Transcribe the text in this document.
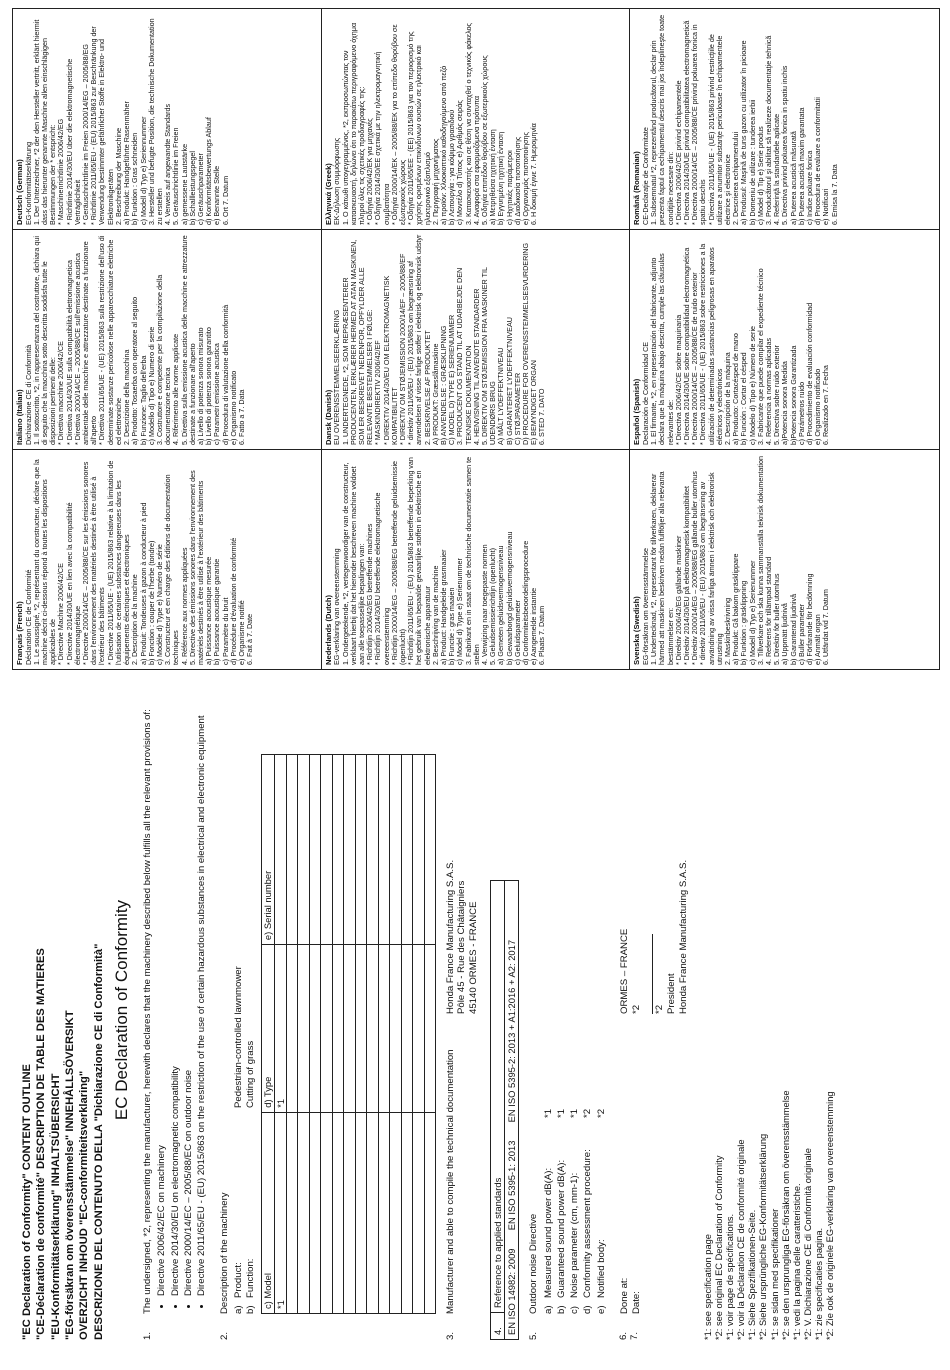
"EC Declaration of Conformity" CONTENT OUTLINE "CE-Déclaration de conformité" DESCRIPTION DE TABLE DES MATIERES "EU-Konformitätserklärung" INHALTSÜBERSICHT "EG-försäkran om överensstämmelse" INNEHÅLLSÖVERSIKT OVERZICHT INHOUD "EC-conformiteitsverklaring" DESCRIZIONE DEL CONTENUTO DELLA "Dichiarazione CE di Conformità" EC Declaration of Conformity
1.
The undersigned, *2, representing the manufacturer, herewith declares that the machinery described below fulfills all the relevant provisions of: • Directive 2006/42/EC on machinery • Directive 2014/30/EU on electromagnetic compatibility • Directive 2000/14/EC – 2005/88/EC on outdoor noise • Directive 2011/65/EU - (EU) 2015/863 on the restriction of the use of certain hazardous substances in electrical and electronic equipment
2.
Description of the machinery a)
Product:
Pedestrian-controlled lawnmower
b)
Function:
Cutting of grass
c) Model	d) Type	e) Serial number
*1	*1	

3.
Manufacturer and able to compile the technical documentation
Honda France Manufacturing S.A.S. Pôle 45 - Rue des Châtaigniers 45140 ORMES - FRANCE
4.	Reference to applied standards
EN ISO 14982: 2009       EN ISO 5395-1: 2013       EN ISO 5395-2: 2013 + A1:2016 + A2: 2017
5.
Outdoor noise Directive a)
Measured sound power dB(A):
*1
b)
Guaranteed sound power dB(A):
*1
c)
Noise parameter (cm, mm-1):
*1
d)
Conformity assessment procedure:
*2
e)
Notified body:
*2
6. 7.
Done at: Date:
ORMES – FRANCE *2 *2 President Honda France Manufacturing S.A.S.
*1: see specification page *2: see original EC Declaration of Conformity *1: voir page de spécifications. *2: voir la Déclaration CE de conformité originale *1: Siehe Spezifikationen-Seite. *2: Siehe ursprüngliche EG-Konformitätserklärung *1: se sidan med specifikationer *2: se den ursprungliga EG-försäkran om överensstämmelse *1: vedi la pagina delle caratteristiche. *2: V. Dichiarazione CE di Conformità originale *1: zie specificaties pagina. *2: Zie ook de originele EG-verklaring van overeenstemming
Français (French) Déclaration CE de Conformité 1. Le soussigné, *2, représentant du constructeur, déclare que la machine décrit ci-dessous répond à toutes les dispositions applicables de * Directive Machine 2006/42/CE * Directive 2014/30/UE en lien avec la compatibilité électromagnétique * Directive 2000/14/CE – 2005/88/CE sur les émissions sonores dans l'environnement des matériels destinés à être utilisé à l'extérieur des bâtiments * Directive 2011/65/UE - (UE) 2015/863 relative à la limitation de l'utilisation de certaines substances dangereuses dans les équipements électriques et électroniques 2. Description de la machine a) Produit: Tondeuses à gazon à conducteur à pied b) Fonction : couper de l'herbe (tondre) c) Modèle d) Type e) Numéro de série 3. Constructeur et en charge des éditions de documentation techniques 4. Référence aux normes appliquées 5. Directive des émissions sonores dans l'environnement des matériels destinés à être utilisé à l'extérieur des bâtiments a) Puissance acoustique mesurée b) Puissance acoustique garantie c) Paramètre du bruit d) Procédure d'évaluation de conformité e) Organisme notifié 6. Fait à 7. Date
Italiano (Italian) Dichiarazione CE di Conformità 1. Il sottoscritto, *2, in rappresentanza del costruttore, dichiara qui di seguito che la macchina sotto descritta soddisfa tutte le disposizioni pertinenti delle: * Direttiva macchine 2006/42/CE * Direttiva 2014/30/UE sulla compatibilità elettromagnetica * Direttiva 2000/14/CE – 2005/88/CE sull'emissione acustica ambientale delle macchine e attrezzature destinate a funzionare all'aperto * Direttiva 2011/65/UE - (UE) 2015/863 sulla restrizione dell'uso di determinate sostanze pericolose nelle apparecchiature elettriche ed elettroniche 2. Descrizione della macchina a) Prodotto: Tosaerba con operatore al seguito b) Funzione: Taglio dell'erba c) Modello d) Tipo e) Numero di serie 3. Costruttore e competente per la compilazione della documentazione tecnica 4. Riferimento alle norme applicate 5. Direttiva sulla emissione acustica delle macchine e attrezzature destinate a funzionare all'aperto a) Livello di potenza sonora misurato b) Livello di potenza sonora garantito c) Parametri emissione acustica d) Procedura di valutazione della conformità e) Organismo notificato 6. Fatto a 7. Data
Deutsch (German) EG-Konformitätserklärung 1. Der Unterzeichner, *2 der den Hersteller vertritt, erklärt hiermit dass das hierunter genannte Maschine allen einschlägigen Bestimmungen der * entspricht: * Maschinenrichtlinie 2006/42/EG * Richtlinie 2014/30/EU über die elektromagnetische Verträglichkeit * Geräuschrichtlinie im Freien 2000/14/EG – 2005/88/EG * Richtlinie 2011/65/EU - (EU) 2015/863 zur Beschränkung der Verwendung bestimmter gefährlicher Stoffe in Elektro- und Elektronikgeräten 2. Beschreibung der Maschine a) Produkt: Handgeführte Rasenmäher b) Funktion : Gras schneiden c) Modell d) Typ e) Seriennummer 3. Hersteller und befugte Position, die technische Dokumentation zu erstellen 4. Verweis auf angewandte Standards 5. Geräuschrichtlinie im Freien a) gemessene Lautstärke b) Schallleistungspegel c) Geräuschparameter d) Konformitätsbewertungs Ablauf e) Benannte Stelle 6. Ort 7. Datum
Nederlands (Dutch) EG-verklaring van overeenstemming 1. Ondergetekende, *2, vertegenwoordiger van de constructeur, verklaart hierbij dat het hieronder beschreven machine voldoet aan alle toepasselijke bepalingen van: * Richtlijn 2006/42/EG betreffende machines * Richtlijn 2014/30/EU betreffende elektromagnetische overeenstemming * Richtlijn 2000/14/EG – 2005/88/EG betreffende geluidsemissie (openlucht) * Richtlijn 2011/65/EU - (EU) 2015/863 betreffende beperking van het gebruik van bepaalde gevaarlijke stoffen in elektrische en elektronische apparatuur 2. Beschrijving van de machine a) Product: Handgeleide grasmaaier b) Functie : gras maaien c) Model d) Type e) Serienummer 3. Fabrikant en in staat om de technische documentatie samen te stellen 4. Verwijzing naar toegepaste normen 5. Geluidsemissierichtlijn (openlucht) a) Gemeten geluidsvermogensniveau b) Gewaarborgd geluidsvermogensniveau c) Geluidsparameter d) Conformiteitsbeoordelingsprocedure e) Aangemelde instantie 6. Plaats 7. Datum
Dansk (Danish) EU OVERENSSTEMMELSEERKLÆRING 1. UNDERTEGNEDE, *2, SOM REPRÆSENTERER PRODUCENTEN, ERKLÆRER HERMED AT ATAN MASKINEN, SOM ER BESKREVET NEDENFOR, OPFYLDER ALLE RELEVANTE BESTEMMELSER I FØLGE: * MASKINDIREKTIV 2006/42/EF * DIREKTIV 2014/30/EU OM ELEKTROMAGNETISK KOMPATIBILITET * DIREKTIV OM STØJEMISSION 2000/14/EF – 2005/88/EF * direktiv 2011/65/EU - (EU) 2015/863 om begrænsning af anvendelsen af visse farlige stoffer i elektrisk og elektronisk udstyr 2. BESKRIVELSE AF PRODUKTET A) PRODUKT: Græsslåmaskine B) ANVENDELSE : GRÆSKLIPNING C) MODEL D) TYPE E) SERIENUMMER 3. PRODUCENT OG STAND TIL AT UDARBEJDE DEN TEKNISKE DOKUMENTATION 4. HENVISNING TIL ANVENDTE STANDARDER 5. DIREKTIV OM STØJEMISSION FRA MASKINER TIL UDENDØRS BRUG A) MÅLT LYDEFFEKTNIVEAU B) GARANTERET LYDEFFEKTNIVEAU C) STØJPARAMETER D) PROCEDURE FOR OVERENSSTEMMELSESVURDERING E) BEMYNDIGET ORGAN 6. STED 7. DATO
Ελληνικά (Greek) ΕΚ-Δήλωση συμμόρφωσης 1. Ο κάτωθι υπογεγραμμένος, *2, εκπροσωπώντας τον κατασκευαστή, δηλώνει ότι το παρακάτω περιγραφόμενο όχημα πληροί όλες τις σχετικές προδιαγραφές της: * Οδηγία 2006/42/ΕΚ για μηχανές * Οδηγία 2014/30/ΕΕ σχετικά με την ηλεκτρομαγνητική συμβατότητα * Οδηγία 2000/14/ΕΚ – 2005/88/ΕΚ για το επίπεδο θορύβου σε εξωτερικούς χώρους * Οδηγία 2011/65/ΕΕ - (ΕΕ) 2015/863 για τον περιορισμό της χρήσης ορισμένων επικίνδυνων ουσιών σε ηλεκτρικό και ηλεκτρονικό εξοπλισμό 2. Περιγραφή μηχανήματος a) προϊόν: Χλοοκοπτικό καθοδηγούμενο από πεζό b) Λειτουργία : για κόψιμο γρασιδιού c) Μοντέλο d) Τύπος e) Αριθμός σειράς 3. Κατασκευαστής και σε θέση να συνταχθεί ο τεχνικός φάκελος 4. Αναφορά στα εφαρμοζόμενα πρότυπα 5. Οδηγία επιπέδου θορύβου σε εξωτερικούς χώρους a) Μετρηθείσα ηχητική ένταση b) Εγγυημένη ηχητική ένταση c) Ηχητικές παράμετροι d) Διαδικασία πιστοποίησης e) Οργανισμός πιστοποίησης 6. Η δοκιμή έγινε 7. Ημερομηνία
Svenska (Swedish) EG-försäkran om överensstämmelse 1. Undertecknad, *2, representant för tillverkaren, deklarerar härmed att maskinen beskriven nedan fulfföljer alla relevanta bestämmelser en: * Direktiv 2006/42/EG gällande maskiner * Direktiv 2014/30/EU på elektromagnetisk kompatibilitet * Direktiv 2000/14/EG – 2005/88/EG gällande buller utomhus * direktiv 2011/65/EU - (EU) 2015/863 om begränsning av användning av vissa farliga ämnen i elektrisk och elektronisk utrustning 2. Maskinbeskrivning a) Produkt: Gå bakom gräsklippare b) Funktion : gräsklippning c) Modell d) Typ e) Serienummer 3. Tillverkare och ska kunna sammanställa teknisk dokumentation 4. Referens för tillämpad standard 5. Direktiv för buller utomhus a) Uppmätt ljudnivå b) Garanterad ljudnivå c) Buller parameter d) Förfarande för bedömning e) Anmält organ 6. Utfärdat vid 7. Datum
Español (Spanish) Declaración de Conformidad CE 1. El firmante, *2, en representación del fabricante, adjunto declara que la máquina abajo descrita, cumple las cláusulas relevantes de: * Directiva 2006/42/CE sobre maquinaria * Directiva 2014/30/UE sobre compatibilidad electromagnética * Directiva 2000/14/CE – 2005/88/CE de ruido exterior * Directiva 2011/65/UE - (UE) 2015/863 sobre restricciones a la utilización de determinadas sustancias peligrosas en aparatos eléctricos y electrónicos 2. Descripción de la máquina a) Producto: Cortacésped de mano b) Función : Cortar el césped c) Modelo d) Tipo e) Número de serie 3. Fabricante que puede compilar el expediente técnico 4. Referencia a normas aplicadas 5. Directiva sobre ruido exterior a)Potencia sonora Medida b)Potencia sonora Garantizada c) Parámetros ruido d) Procedimiento de evaluación conformidad e) Organismo notificado 6. Realizado en 7. Fecha
Română (Romanian) CE-Declaraţie de Conformitate 1. Subsemnatul *2, reprezentând producătorul, declar prin prezenta faptul ca echipamentul descris mai jos îndeplineşte toate condiţiile necesare din: * Directiva 2006/42/CE privind echipamentele * Directiva 2014/30/UE privind compatibilitatea electromagnetică * Directiva 2000/14/CE – 2005/88/CE privind poluarea fonica in spatiu deschis * Directiva 2011/65/UE - (UE) 2015/863 privind restricţiile de utilizare a anumitor substanţe periculoase în echipamentele electrice şi electronice 2. Descrierea echipamentului a) Produsul: Maşină de tuns gazon cu utilizator în picioare b) Domeniu de utilizare : tunderea ierbii c) Model d) Tip e) Serie produs 3. Producătorul şi abilitat să realizeze documentaţie tehnică 4. Referinţă la standardele aplicate 5. Directiva privind poluarea fonica in spatiu inchis a) Puterea acustică măsurată b) Puterea acustică maxim garantata c) Indice poluare fonica d) Procedura de evaluare a conformitatii e) Notificari 6. Emisa la 7. Data
